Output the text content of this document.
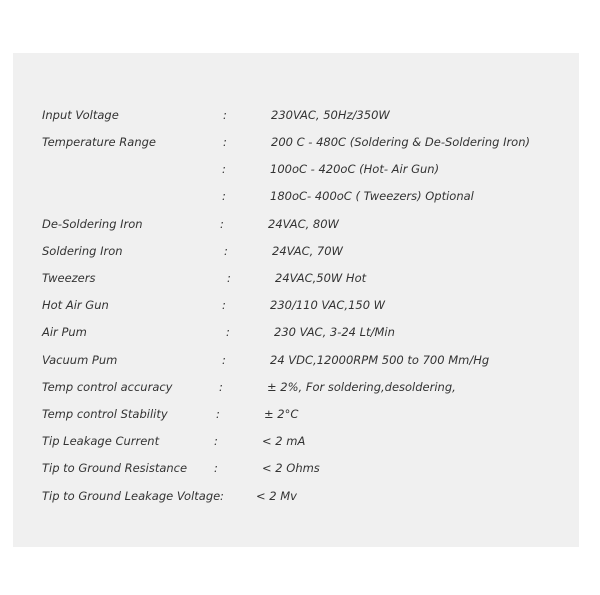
Input Voltage	:	230VAC, 50Hz/350W
Temperature Range	:	200 C - 480C (Soldering & De-Soldering Iron)
:	100oC - 420oC (Hot- Air Gun)
:	180oC- 400oC ( Tweezers) Optional
De-Soldering Iron	:	24VAC, 80W
Soldering Iron	:	24VAC, 70W
Tweezers	:	24VAC,50W Hot
Hot Air Gun	:	230/110 VAC,150 W
Air Pum	:	230 VAC, 3-24 Lt/Min
Vacuum Pum	:	24 VDC,12000RPM 500 to 700 Mm/Hg
Temp control accuracy	:	± 2%, For soldering,desoldering,
Temp control Stability	:	± 2°C
Tip Leakage Current	:	< 2 mA
Tip to Ground Resistance :	< 2 Ohms
Tip to Ground Leakage Voltage :	< 2 Mv
